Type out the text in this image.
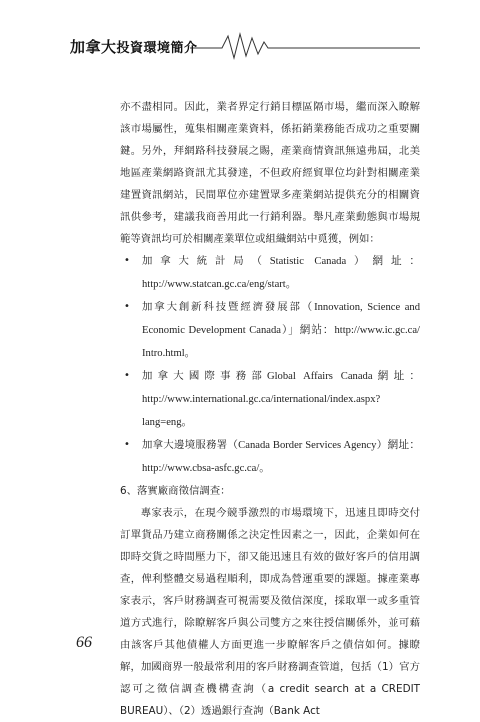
加拿大投資環境簡介

亦不盡相同。因此，業者界定行銷目標區隔市場，繼而深入瞭解該市場屬性，蒐集相關產業資料，係拓銷業務能否成功之重要關鍵。另外，拜網路科技發展之賜，產業商情資訊無遠弗屆，北美地區產業網路資訊尤其發達，不但政府經貿單位均針對相關產業建置資訊網站，民間單位亦建置眾多產業網站提供充分的相關資訊供參考，建議我商善用此一行銷利器。舉凡產業動態與市場規範等資訊均可於相關產業單位或組織網站中覓獲，例如：

• 加拿大統計局（Statistic Canada）網址：http://www.statcan.gc.ca/eng/start。
• 加拿大創新科技暨經濟發展部（Innovation, Science and Economic Development Canada）」網站：http://www.ic.gc.ca/ Intro.html。
• 加拿大國際事務部Global Affairs Canada網址：http://www.international.gc.ca/international/index.aspx?lang=eng。
• 加拿大邊境服務署（Canada Border Services Agency）網址：http://www.cbsa-asfc.gc.ca/。

6、落實廠商徵信調查：

專家表示，在現今競爭激烈的市場環境下，迅速且即時交付訂單貨品乃建立商務關係之決定性因素之一，因此，企業如何在即時交貨之時間壓力下，卻又能迅速且有效的做好客戶的信用調查，俾利整體交易過程順利，即成為營運重要的課題。據產業專家表示，客戶財務調查可視需要及徵信深度，採取單一或多重管道方式進行，除瞭解客戶與公司雙方之來往授信關係外，並可藉由該客戶其他債權人方面更進一步瞭解客戶之債信如何。據瞭解，加國商界一般最常利用的客戶財務調查管道，包括（1）官方認可之徵信調查機構查詢（a credit search at a CREDIT BUREAU）、（2）透過銀行查詢（Bank Act

66
